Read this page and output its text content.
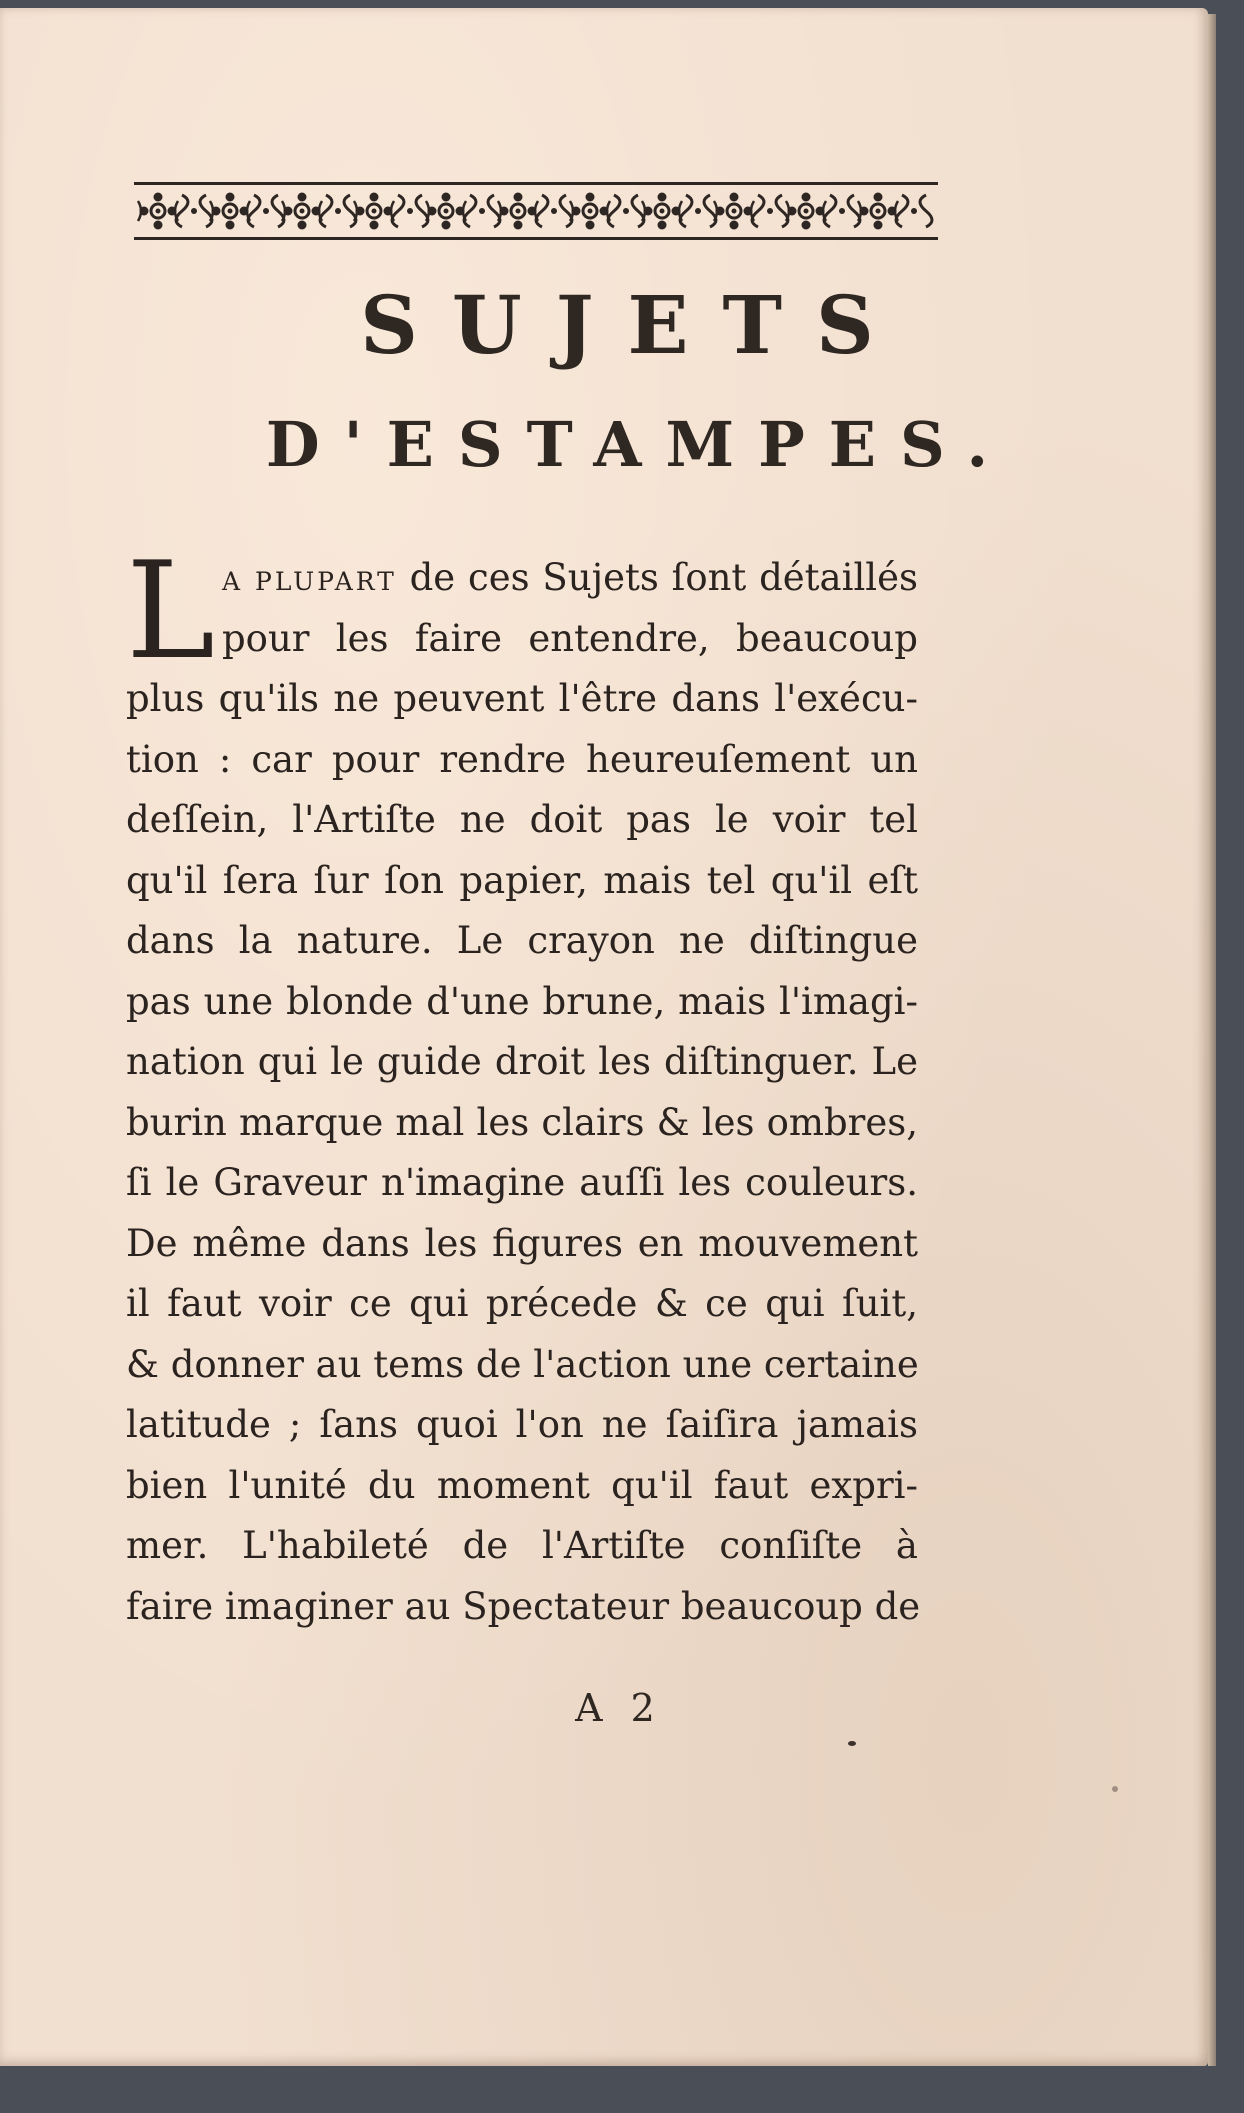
SUJETS
D'ESTAMPES.
L A PLUPART de ces Sujets ſont détaillés
pour les faire entendre, beaucoup
plus qu'ils ne peuvent l'être dans l'exécu-
tion : car pour rendre heureuſement un
deſſein, l'Artiſte ne doit pas le voir tel
qu'il ſera ſur ſon papier, mais tel qu'il eſt
dans la nature. Le crayon ne diſtingue
pas une blonde d'une brune, mais l'imagi-
nation qui le guide droit les diſtinguer. Le
burin marque mal les clairs & les ombres,
ſi le Graveur n'imagine auſſi les couleurs.
De même dans les figures en mouvement
il faut voir ce qui précede & ce qui ſuit,
& donner au tems de l'action une certaine
latitude ; ſans quoi l'on ne ſaiſira jamais
bien l'unité du moment qu'il faut expri-
mer. L'habileté de l'Artiſte conſiſte à
faire imaginer au Spectateur beaucoup de
A 2
